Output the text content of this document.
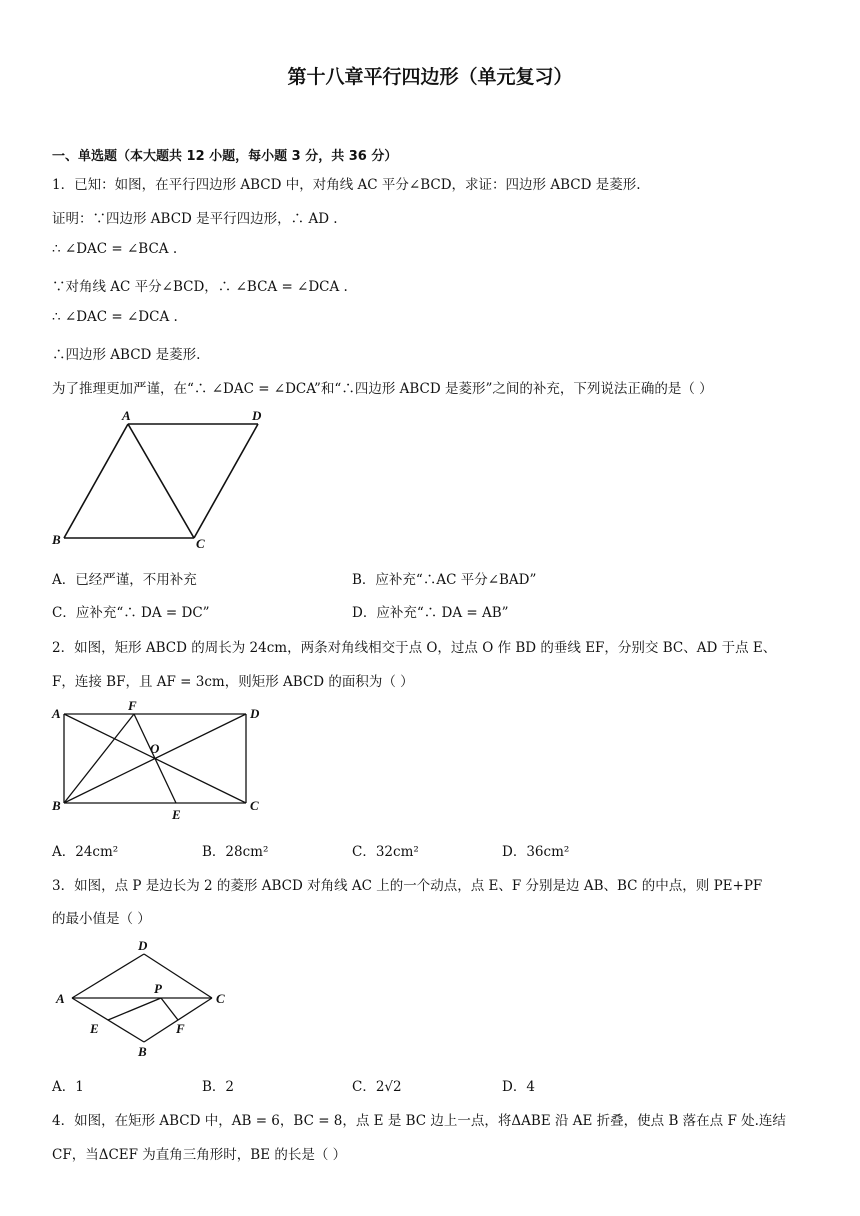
第十八章平行四边形（单元复习）
一、单选题（本大题共 12 小题，每小题 3 分，共 36 分）
1．已知：如图，在平行四边形 ABCD 中，对角线 AC 平分∠BCD，求证：四边形 ABCD 是菱形.
证明：∵四边形 ABCD 是平行四边形，∴ AD .
∴ ∠DAC = ∠BCA .
∵对角线 AC 平分∠BCD，∴ ∠BCA = ∠DCA .
∴ ∠DAC = ∠DCA .
∴四边形 ABCD 是菱形.
为了推理更加严谨，在“∴ ∠DAC = ∠DCA”和“∴四边形 ABCD 是菱形”之间的补充，下列说法正确的是（ ）
A	D
B	C
A．已经严谨，不用补充	B．应补充“∴AC 平分∠BAD”
C．应补充“∴ DA = DC”	D．应补充“∴ DA = AB”
2．如图，矩形 ABCD 的周长为 24cm，两条对角线相交于点 O，过点 O 作 BD 的垂线 EF，分别交 BC、AD 于点 E、
F，连接 BF，且 AF = 3cm，则矩形 ABCD 的面积为（ ）
A
F
D
O
B
E
C
A．24cm²	B．28cm²	C．32cm²	D．36cm²
3．如图，点 P 是边长为 2 的菱形 ABCD 对角线 AC 上的一个动点，点 E、F 分别是边 AB、BC 的中点，则 PE+PF
的最小值是（ ）
D
A
P
C
E	F
B
A．1	B．2	C．2√2	D．4
4．如图，在矩形 ABCD 中，AB = 6，BC = 8，点 E 是 BC 边上一点，将ΔABE 沿 AE 折叠，使点 B 落在点 F 处.连结
CF，当ΔCEF 为直角三角形时，BE 的长是（ ）
